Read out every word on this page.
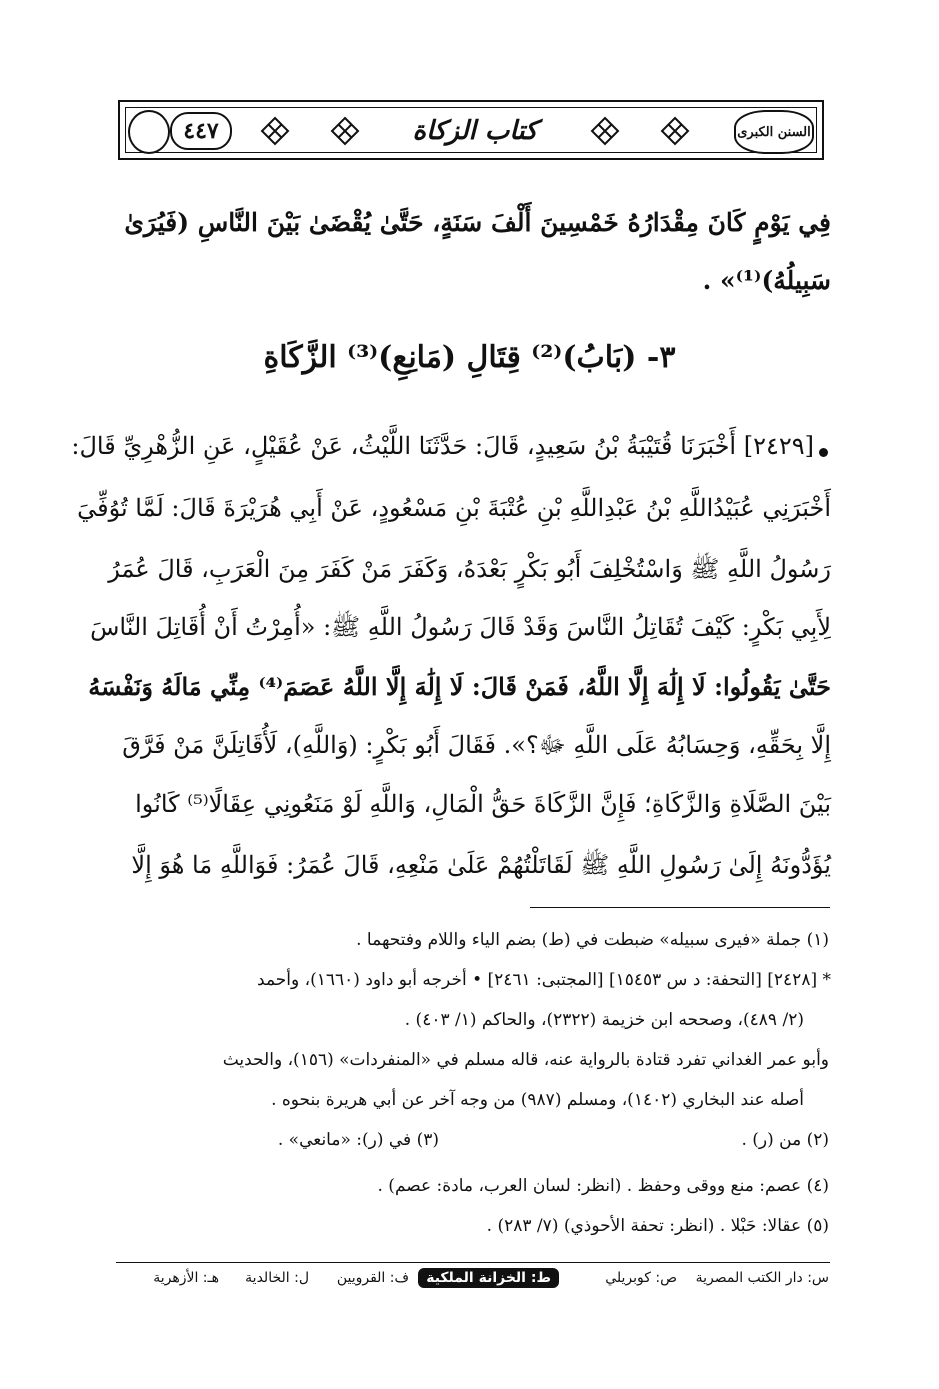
٤٤٧	كتاب الزكاة	السنن الكبرى
فِي يَوْمٍ كَانَ مِقْدَارُهُ خَمْسِينَ أَلْفَ سَنَةٍ، حَتَّىٰ يُقْضَىٰ بَيْنَ النَّاسِ (فَيُرَىٰ
سَبِيلُهُ)⁽¹⁾» .
٣- (بَابُ)⁽²⁾ قِتَالِ (مَانِعِ)⁽³⁾ الزَّكَاةِ
[٢٤٢٩] أَخْبَرَنَا قُتَيْبَةُ بْنُ سَعِيدٍ، قَالَ: حَدَّثَنَا اللَّيْثُ، عَنْ عُقَيْلٍ، عَنِ الزُّهْرِيِّ قَالَ:
أَخْبَرَنِي عُبَيْدُاللَّهِ بْنُ عَبْدِاللَّهِ بْنِ عُتْبَةَ بْنِ مَسْعُودٍ، عَنْ أَبِي هُرَيْرَةَ قَالَ: لَمَّا تُوُفِّيَ
رَسُولُ اللَّهِ ﷺ وَاسْتُخْلِفَ أَبُو بَكْرٍ بَعْدَهُ، وَكَفَرَ مَنْ كَفَرَ مِنَ الْعَرَبِ، قَالَ عُمَرُ
لِأَبِي بَكْرٍ: كَيْفَ تُقَاتِلُ النَّاسَ وَقَدْ قَالَ رَسُولُ اللَّهِ ﷺ: «أُمِرْتُ أَنْ أُقَاتِلَ النَّاسَ
حَتَّىٰ يَقُولُوا: لَا إِلَٰهَ إِلَّا اللَّهُ، فَمَنْ قَالَ: لَا إِلَٰهَ إِلَّا اللَّهُ عَصَمَ⁽⁴⁾ مِنِّي مَالَهُ وَنَفْسَهُ
إِلَّا بِحَقِّهِ، وَحِسَابُهُ عَلَى اللَّهِ ﷻ؟». فَقَالَ أَبُو بَكْرٍ: (وَاللَّهِ)، لَأُقَاتِلَنَّ مَنْ فَرَّقَ
بَيْنَ الصَّلَاةِ وَالزَّكَاةِ؛ فَإِنَّ الزَّكَاةَ حَقُّ الْمَالِ، وَاللَّهِ لَوْ مَنَعُونِي عِقَالًا⁽⁵⁾ كَانُوا
يُؤَدُّونَهُ إِلَىٰ رَسُولِ اللَّهِ ﷺ لَقَاتَلْتُهُمْ عَلَىٰ مَنْعِهِ، قَالَ عُمَرُ: فَوَاللَّهِ مَا هُوَ إِلَّا
(١) جملة «فيرى سبيله» ضبطت في (ط) بضم الياء واللام وفتحهما .
* [٢٤٢٨] [التحفة: د س ١٥٤٥٣] [المجتبى: ٢٤٦١] • أخرجه أبو داود (١٦٦٠)، وأحمد
(٢/ ٤٨٩)، وصححه ابن خزيمة (٢٣٢٢)، والحاكم (١/ ٤٠٣) .
وأبو عمر الغداني تفرد قتادة بالرواية عنه، قاله مسلم في «المنفردات» (١٥٦)، والحديث
أصله عند البخاري (١٤٠٢)، ومسلم (٩٨٧) من وجه آخر عن أبي هريرة بنحوه .
(٣) في (ر): «مانعي» .	(٢) من (ر) .
(٤) عصم: منع ووقى وحفظ . (انظر: لسان العرب، مادة: عصم) .
(٥) عقالا: حَبْلا . (انظر: تحفة الأحوذي) (٧/ ٢٨٣) .
س: دار الكتب المصرية
ص: كوبريلي
ط: الخزانة الملكية
ف: القرويين
ل: الخالدية
هـ: الأزهرية
